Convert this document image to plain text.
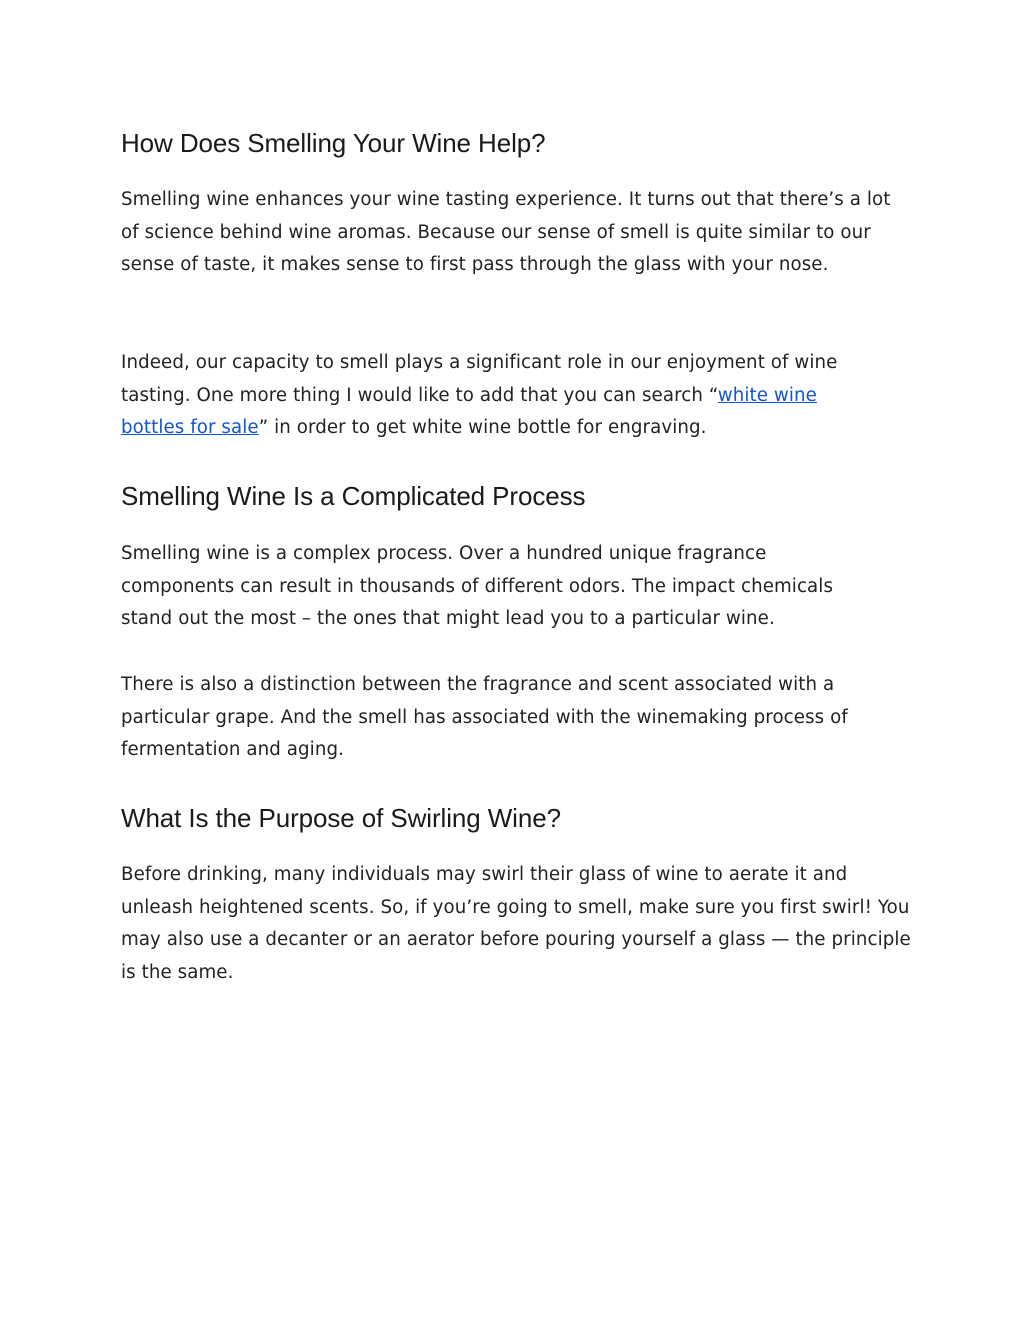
How Does Smelling Your Wine Help?

Smelling wine enhances your wine tasting experience. It turns out that there’s a lot of science behind wine aromas. Because our sense of smell is quite similar to our sense of taste, it makes sense to first pass through the glass with your nose.

Indeed, our capacity to smell plays a significant role in our enjoyment of wine tasting. One more thing I would like to add that you can search “white wine bottles for sale” in order to get white wine bottle for engraving.

Smelling Wine Is a Complicated Process

Smelling wine is a complex process. Over a hundred unique fragrance components can result in thousands of different odors. The impact chemicals stand out the most – the ones that might lead you to a particular wine.

There is also a distinction between the fragrance and scent associated with a particular grape. And the smell has associated with the winemaking process of fermentation and aging.

What Is the Purpose of Swirling Wine?

Before drinking, many individuals may swirl their glass of wine to aerate it and unleash heightened scents. So, if you’re going to smell, make sure you first swirl! You may also use a decanter or an aerator before pouring yourself a glass — the principle is the same.
